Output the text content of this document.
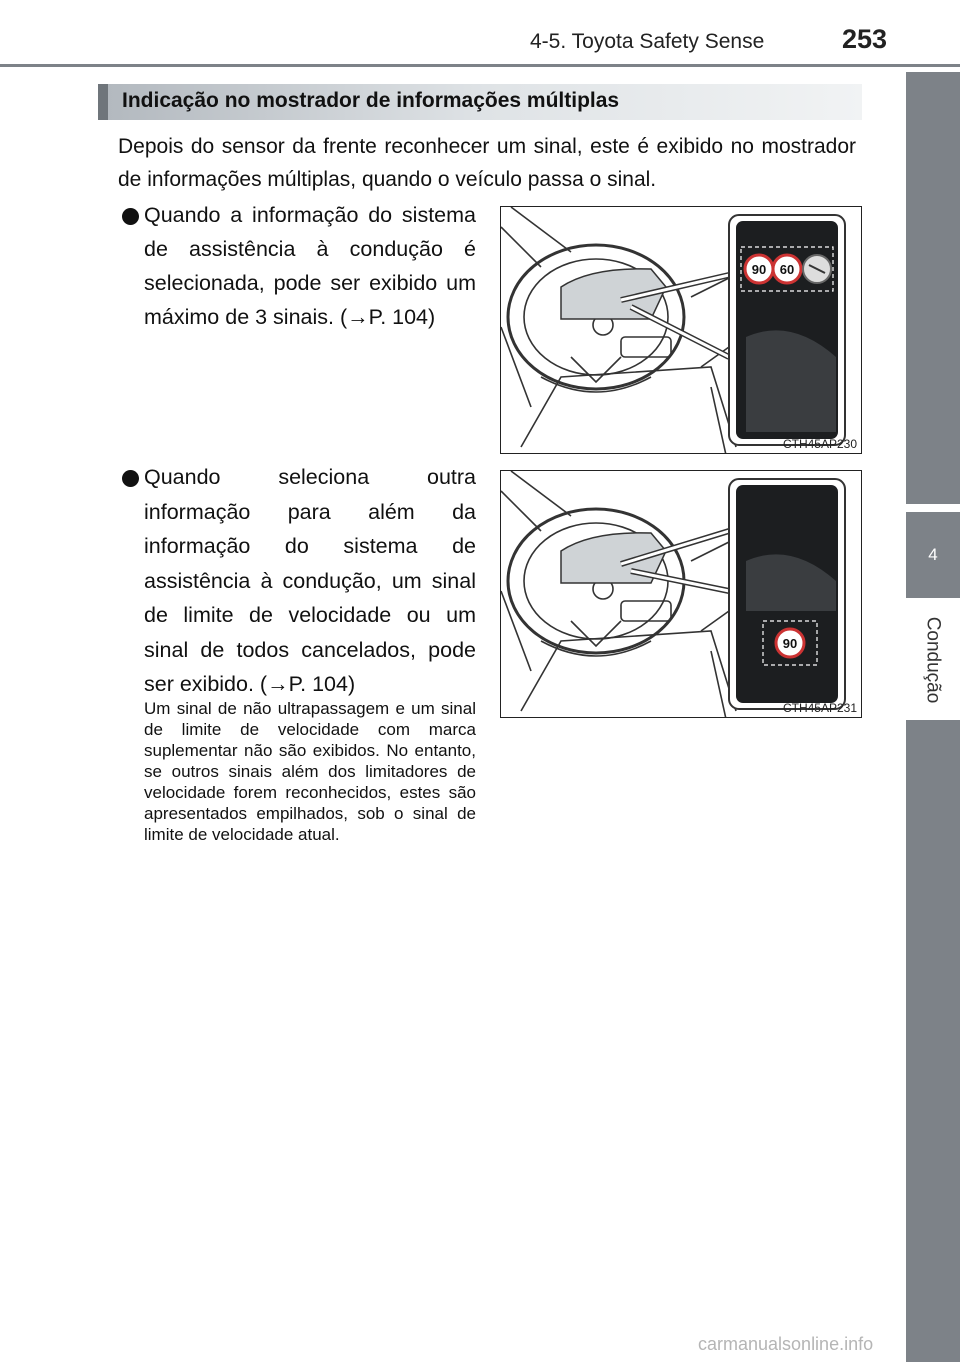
4-5. Toyota Safety Sense	253
4
Condução
Indicação no mostrador de informações múltiplas
Depois do sensor da frente reconhecer um sinal, este é exibido no mostrador de informações múltiplas, quando o veículo passa o sinal.
Quando a informação do sistema de assistência à condução é selecionada, pode ser exibido um máximo de 3 sinais. (→P. 104)
Quando seleciona outra informação para além da informação do sistema de assistência à condução, um sinal de limite de velocidade ou um sinal de todos cancelados, pode ser exibido. (→P. 104)
Um sinal de não ultrapassagem e um sinal de limite de velocidade com marca suplementar não são exibidos. No entanto, se outros sinais além dos limitadores de velocidade forem reconhecidos, estes são apresentados empilhados, sob o sinal de limite de velocidade atual.
90 60
CTH45AP230
90
CTH45AP231
carmanualsonline.info
